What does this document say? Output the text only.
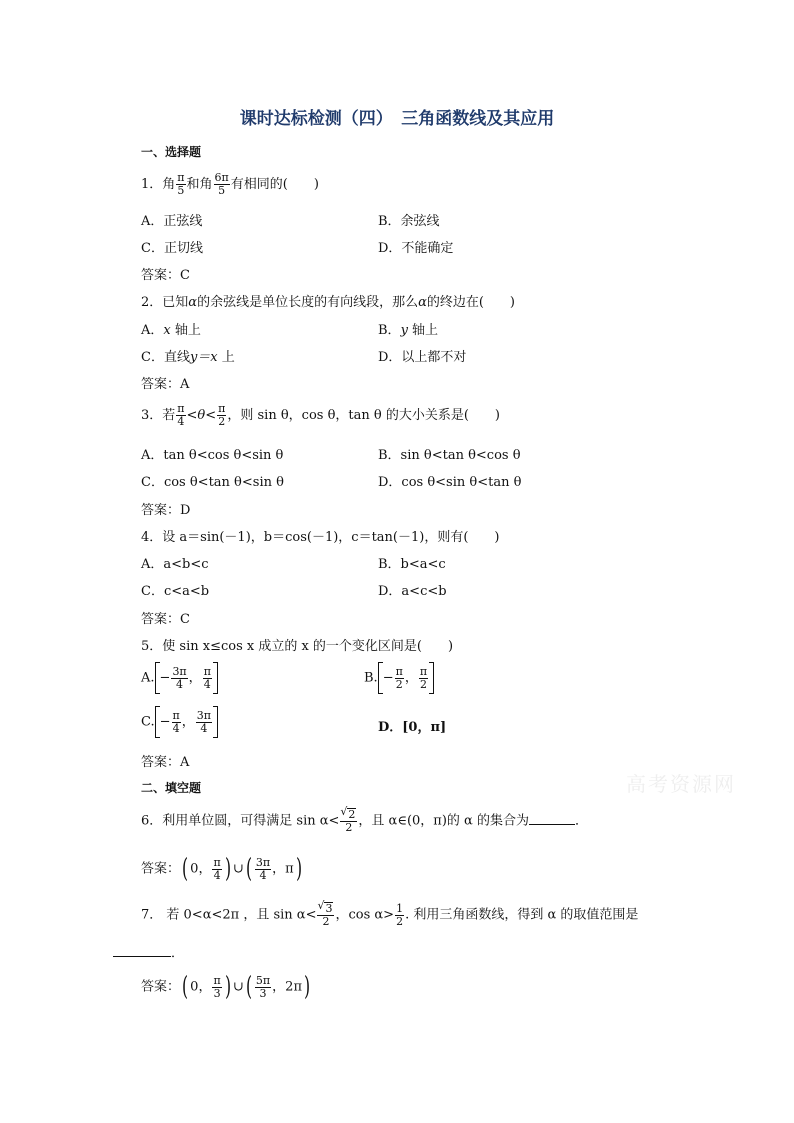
课时达标检测（四）　三角函数线及其应用
一、选择题
1．角 $\frac{\pi}{5}$ 和角 $\frac{6\pi}{5}$ 有相同的(　　)
A．正弦线	B．余弦线
C．正切线	D．不能确定
答案：C
2．已知α的余弦线是单位长度的有向线段，那么α的终边在(　　)
A．x 轴上	B．y 轴上
C．直线y＝x 上	D．以上都不对
答案：A
3．若 $\frac{\pi}{4} <\theta< \frac{\pi}{2}$ ，则 sin θ，cos θ，tan θ 的大小关系是(　　)
A．tan θ<cos θ<sin θ	B．sin θ<tan θ<cos θ
C．cos θ<tan θ<sin θ	D．cos θ<sin θ<tan θ
答案：D
4．设 a＝sin(－1)，b＝cos(－1)，c＝tan(－1)，则有(　　)
A．a<b<c	B．b<a<c
C．c<a<b	D．a<c<b
答案：C
5．使 sin x≤cos x 成立的 x 的一个变化区间是(　　)
A. − $\frac{3\pi}{4}$ ， $\frac{\pi}{4}$	B. − $\frac{\pi}{2}$ ， $\frac{\pi}{2}$
C. − $\frac{\pi}{4}$ ， $\frac{3\pi}{4}$	D．[0，π]
答案：A
二、填空题	高考资源网
6．利用单位圆，可得满足 sin α< √ $\frac{2}{2}$ ，且 α∈(0，π)的 α 的集合为	．
答案：( 0， $\frac{\pi}{4}$ ) ∪( $\frac{3\pi}{4}$ ，π)
7． 若 0<α<2π ，且 sin α< √ $\frac{3}{2}$ ，$\cos \alpha> \frac{1}{2}$ . 利用三角函数线，得到 α 的取值范围是
．
答案：( 0， $\frac{\pi}{3}$ ) ∪( $\frac{5\pi}{3}$ ，2π)
